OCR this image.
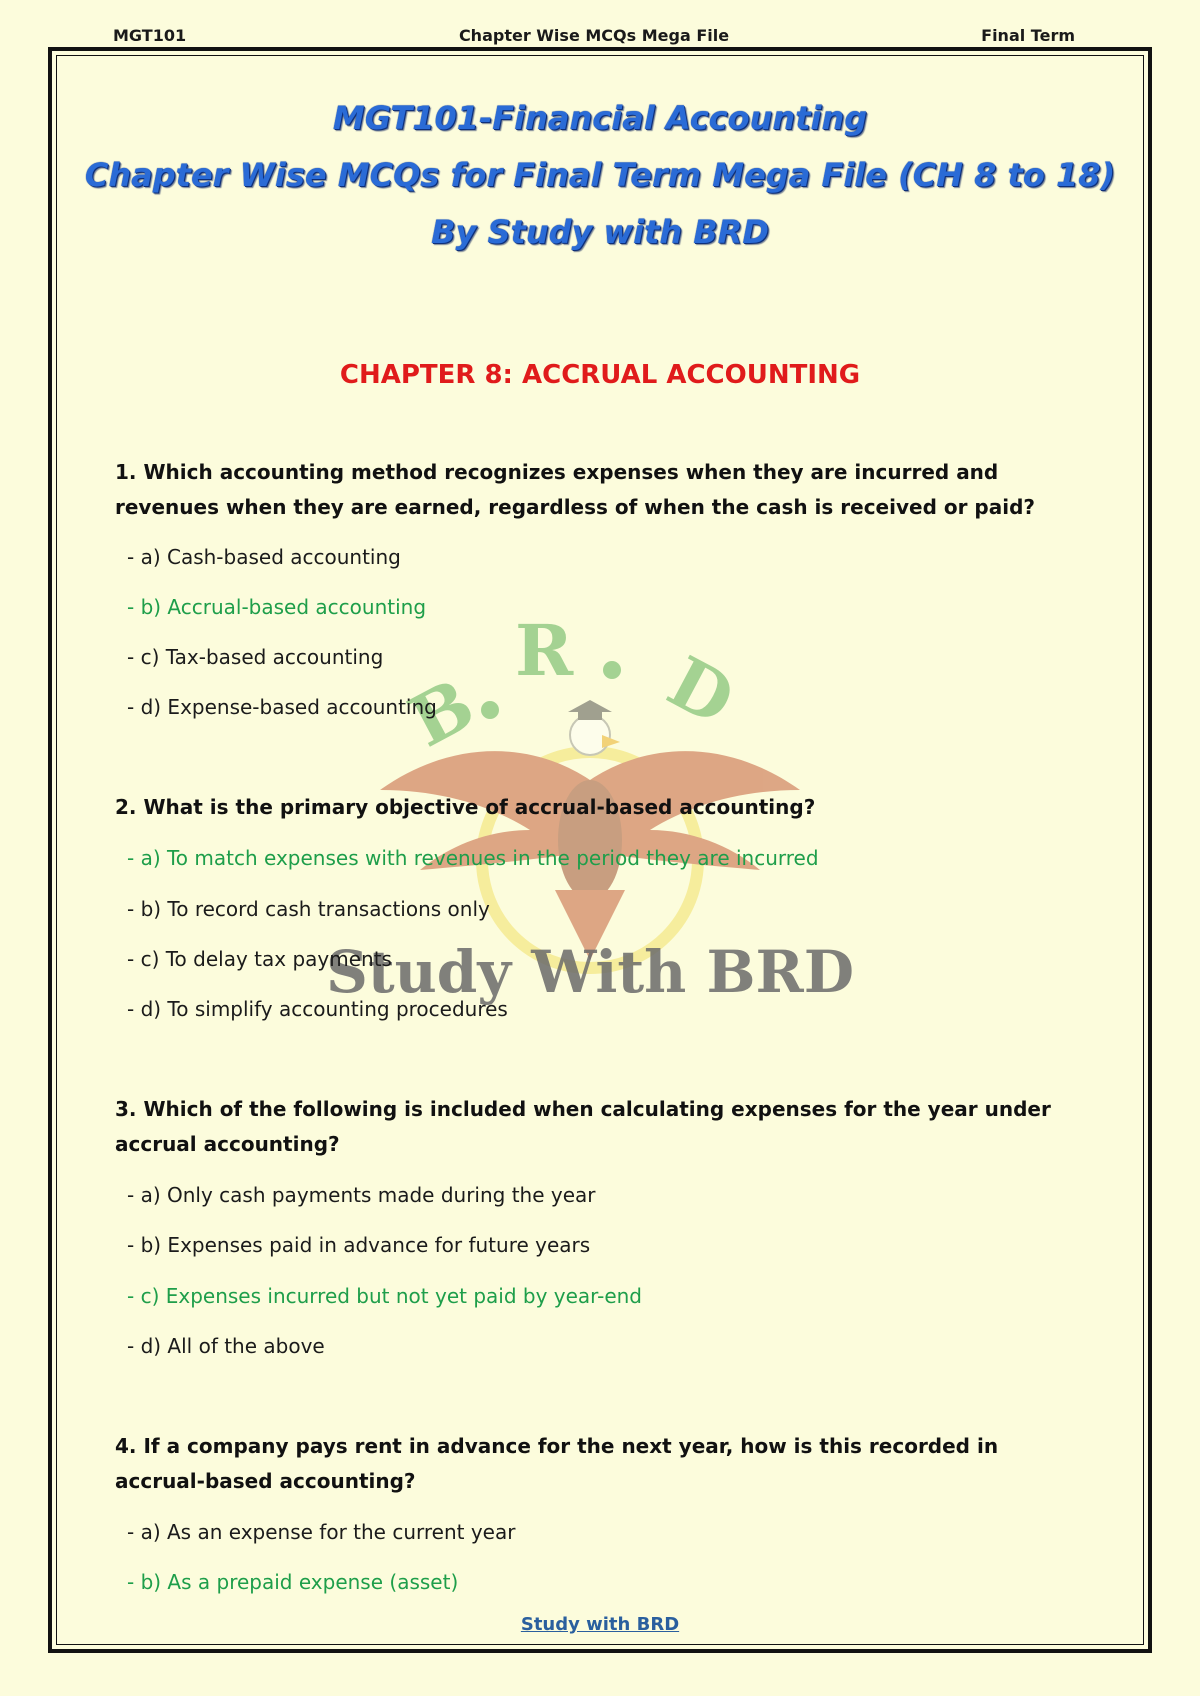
MGT101	Chapter Wise MCQs Mega File	Final Term
B
R D
Study With BRD
MGT101-Financial Accounting
Chapter Wise MCQs for Final Term Mega File (CH 8 to 18)
By Study with BRD
CHAPTER 8: ACCRUAL ACCOUNTING
1. Which accounting method recognizes expenses when they are incurred and revenues when they are earned, regardless of when the cash is received or paid?
- a) Cash-based accounting
- b) Accrual-based accounting
- c) Tax-based accounting
- d) Expense-based accounting
2. What is the primary objective of accrual-based accounting?
- a) To match expenses with revenues in the period they are incurred
- b) To record cash transactions only
- c) To delay tax payments
- d) To simplify accounting procedures
3. Which of the following is included when calculating expenses for the year under accrual accounting?
- a) Only cash payments made during the year
- b) Expenses paid in advance for future years
- c) Expenses incurred but not yet paid by year-end
- d) All of the above
4. If a company pays rent in advance for the next year, how is this recorded in accrual-based accounting?
- a) As an expense for the current year
- b) As a prepaid expense (asset)
Study with BRD
